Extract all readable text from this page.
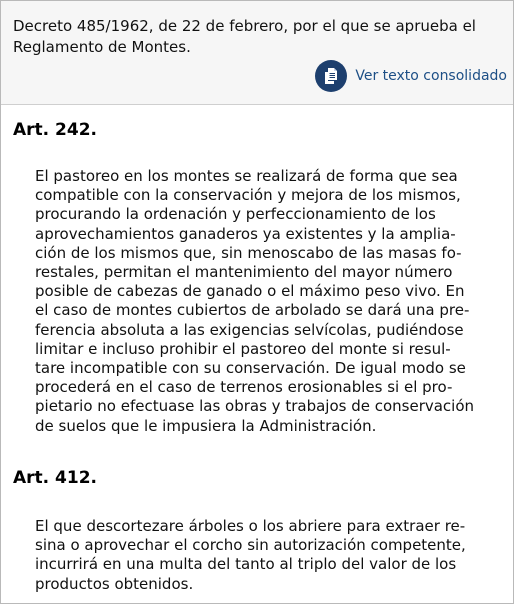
Decreto 485/1962, de 22 de febrero, por el que se aprueba el Reglamento de Montes.
Ver texto consolidado
Art. 242.

El pastoreo en los montes se realizará de forma que sea
compatible con la conservación y mejora de los mismos,
procurando la ordenación y perfeccionamiento de los
aprovechamientos ganaderos ya existentes y la amplia-
ción de los mismos que, sin menoscabo de las masas fo-
restales, permitan el mantenimiento del mayor número
posible de cabezas de ganado o el máximo peso vivo. En
el caso de montes cubiertos de arbolado se dará una pre-
ferencia absoluta a las exigencias selvícolas, pudiéndose
limitar e incluso prohibir el pastoreo del monte si resul-
tare incompatible con su conservación. De igual modo se
procederá en el caso de terrenos erosionables si el pro-
pietario no efectuase las obras y trabajos de conservación
de suelos que le impusiera la Administración.

Art. 412.

El que descortezare árboles o los abriere para extraer re-
sina o aprovechar el corcho sin autorización competente,
incurrirá en una multa del tanto al triplo del valor de los
productos obtenidos.
